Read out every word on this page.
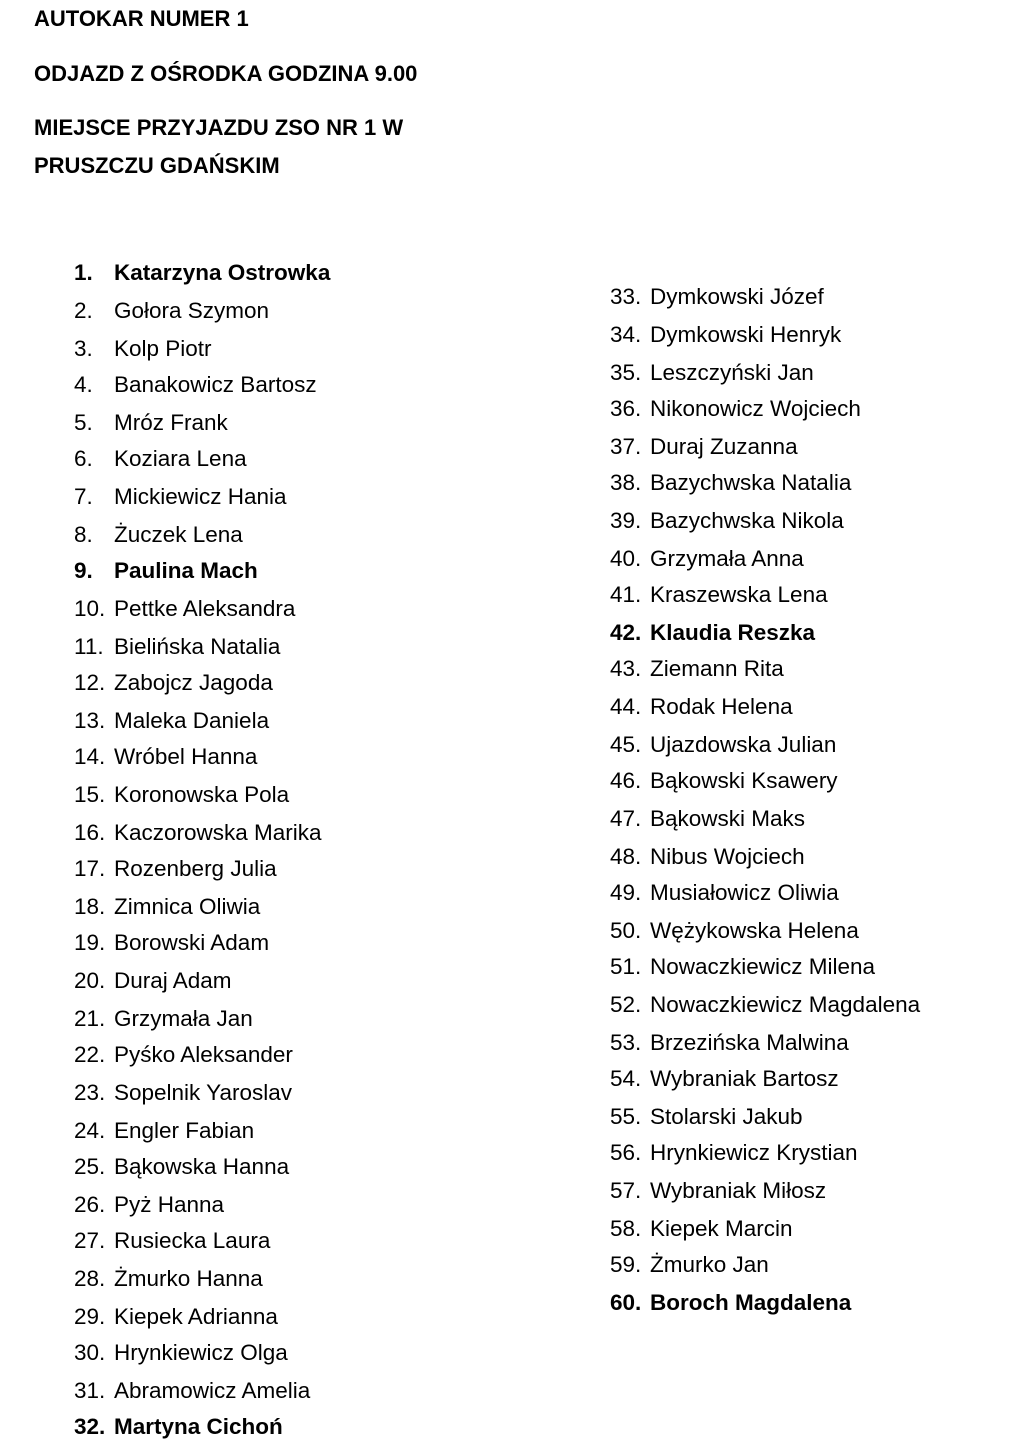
AUTOKAR NUMER 1
ODJAZD Z OŚRODKA GODZINA 9.00
MIEJSCE PRZYJAZDU ZSO NR 1 W
PRUSZCZU GDAŃSKIM
1. Katarzyna Ostrowka
2. Gołora Szymon
3. Kolp Piotr
4. Banakowicz Bartosz
5. Mróz Frank
6. Koziara Lena
7. Mickiewicz Hania
8. Żuczek Lena
9. Paulina Mach
10. Pettke Aleksandra
11. Bielińska Natalia
12. Zabojcz Jagoda
13. Maleka Daniela
14. Wróbel Hanna
15. Koronowska Pola
16. Kaczorowska Marika
17. Rozenberg Julia
18. Zimnica Oliwia
19. Borowski Adam
20. Duraj Adam
21. Grzymała Jan
22. Pyśko Aleksander
23. Sopelnik Yaroslav
24. Engler Fabian
25. Bąkowska Hanna
26. Pyż Hanna
27. Rusiecka Laura
28. Żmurko Hanna
29. Kiepek Adrianna
30. Hrynkiewicz Olga
31. Abramowicz Amelia
32. Martyna Cichoń
33. Dymkowski Józef
34. Dymkowski Henryk
35. Leszczyński Jan
36. Nikonowicz Wojciech
37. Duraj Zuzanna
38. Bazychwska Natalia
39. Bazychwska Nikola
40. Grzymała Anna
41. Kraszewska Lena
42. Klaudia Reszka
43. Ziemann Rita
44. Rodak Helena
45. Ujazdowska Julian
46. Bąkowski Ksawery
47. Bąkowski Maks
48. Nibus Wojciech
49. Musiałowicz Oliwia
50. Wężykowska Helena
51. Nowaczkiewicz Milena
52. Nowaczkiewicz Magdalena
53. Brzezińska Malwina
54. Wybraniak Bartosz
55. Stolarski Jakub
56. Hrynkiewicz Krystian
57. Wybraniak Miłosz
58. Kiepek Marcin
59. Żmurko Jan
60. Boroch Magdalena
